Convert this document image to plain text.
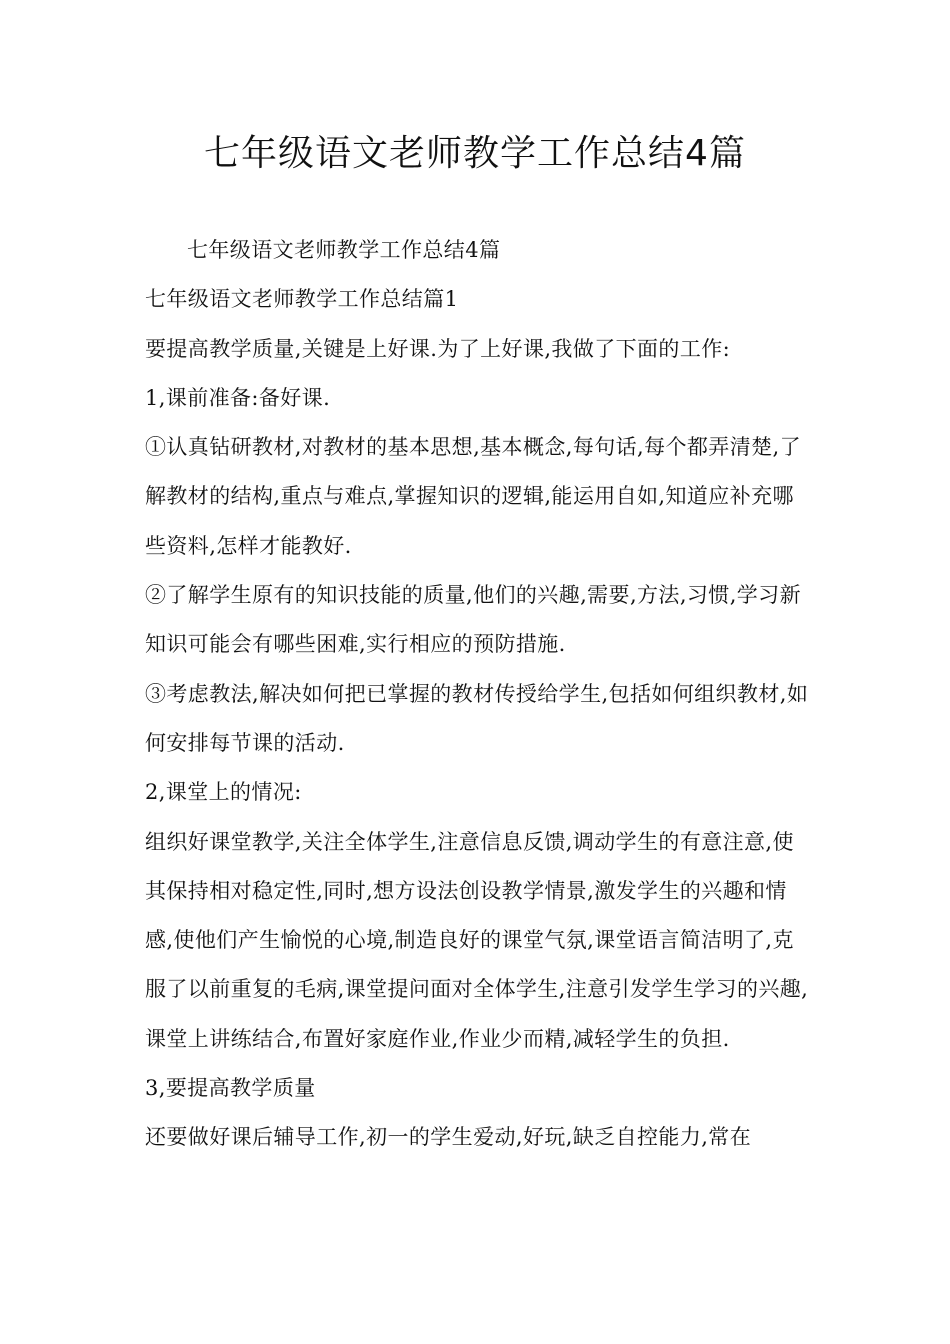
七年级语文老师教学工作总结4篇

七年级语文老师教学工作总结4篇

七年级语文老师教学工作总结篇1

要提高教学质量,关键是上好课.为了上好课,我做了下面的工作:

1,课前准备:备好课.

①认真钻研教材,对教材的基本思想,基本概念,每句话,每个都弄清楚,了解教材的结构,重点与难点,掌握知识的逻辑,能运用自如,知道应补充哪些资料,怎样才能教好.

②了解学生原有的知识技能的质量,他们的兴趣,需要,方法,习惯,学习新知识可能会有哪些困难,实行相应的预防措施.

③考虑教法,解决如何把已掌握的教材传授给学生,包括如何组织教材,如何安排每节课的活动.

2,课堂上的情况:

组织好课堂教学,关注全体学生,注意信息反馈,调动学生的有意注意,使其保持相对稳定性,同时,想方设法创设教学情景,激发学生的兴趣和情感,使他们产生愉悦的心境,制造良好的课堂气氛,课堂语言简洁明了,克服了以前重复的毛病,课堂提问面对全体学生,注意引发学生学习的兴趣,课堂上讲练结合,布置好家庭作业,作业少而精,减轻学生的负担.

3,要提高教学质量

还要做好课后辅导工作,初一的学生爱动,好玩,缺乏自控能力,常在
